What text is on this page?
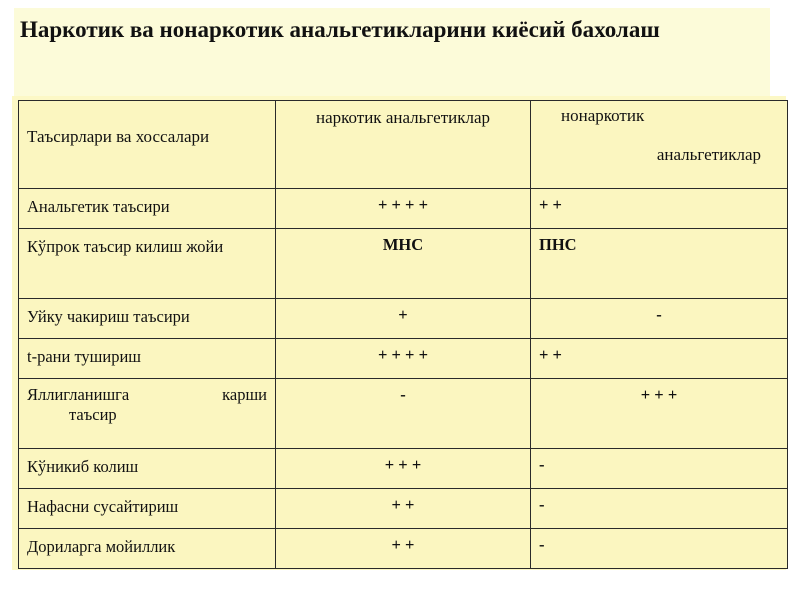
Наркотик ва нонаркотик анальгетикларини киёсий бахолаш

Таъсирлари ва хоссалари	наркотик анальгетиклар	нонаркотик
анальгетиклар

Анальгетик таъсири	+ + + +	+ +

Кўпрок таъсир килиш жойи	МНС	ПНС

Уйку чакириш таъсири	+	-

t-рани тушириш	+ + + +	+ +

Яллигланишга карши
таъсир	-	+ + +

Кўникиб колиш	+ + +	-

Нафасни сусайтириш	+ +	-

Дориларга мойиллик	+ +	-
